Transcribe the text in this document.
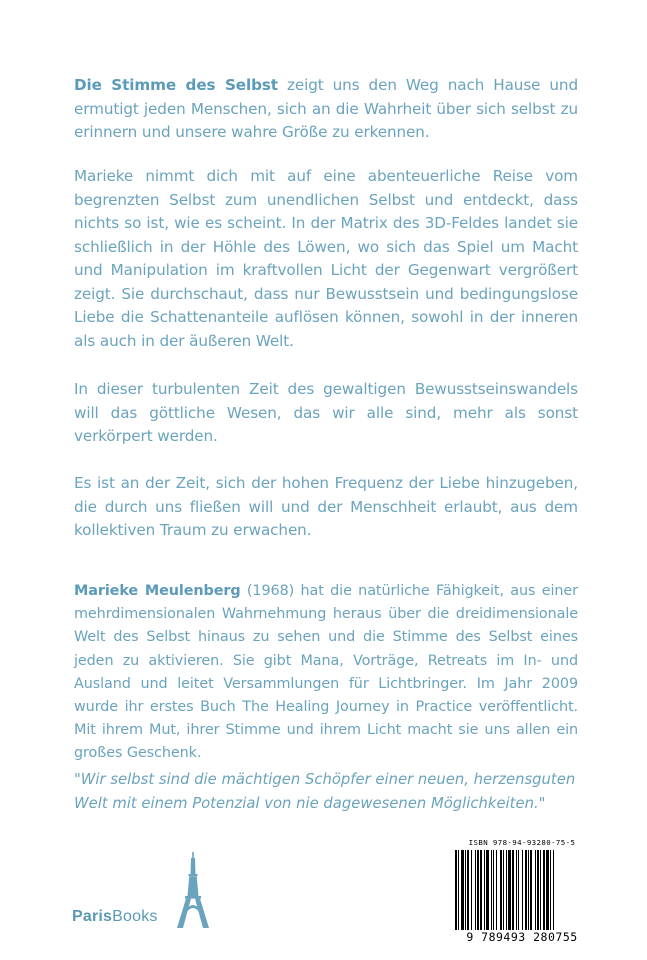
Die Stimme des Selbst zeigt uns den Weg nach Hause und ermutigt jeden Menschen, sich an die Wahrheit über sich selbst zu erinnern und unsere wahre Größe zu erkennen.

Marieke nimmt dich mit auf eine abenteuerliche Reise vom begrenzten Selbst zum unendlichen Selbst und entdeckt, dass nichts so ist, wie es scheint. In der Matrix des 3D-Feldes landet sie schließlich in der Höhle des Löwen, wo sich das Spiel um Macht und Manipulation im kraftvollen Licht der Gegenwart vergrößert zeigt. Sie durchschaut, dass nur Bewusstsein und bedingungslose Liebe die Schattenanteile auflösen können, sowohl in der inneren als auch in der äußeren Welt.

In dieser turbulenten Zeit des gewaltigen Bewusstseinswandels will das göttliche Wesen, das wir alle sind, mehr als sonst verkörpert werden.

Es ist an der Zeit, sich der hohen Frequenz der Liebe hinzugeben, die durch uns fließen will und der Menschheit erlaubt, aus dem kollektiven Traum zu erwachen.

Marieke Meulenberg (1968) hat die natürliche Fähigkeit, aus einer mehrdimensionalen Wahrnehmung heraus über die dreidimensionale Welt des Selbst hinaus zu sehen und die Stimme des Selbst eines jeden zu aktivieren. Sie gibt Mana, Vorträge, Retreats im In- und Ausland und leitet Versammlungen für Lichtbringer. Im Jahr 2009 wurde ihr erstes Buch The Healing Journey in Practice veröffentlicht. Mit ihrem Mut, ihrer Stimme und ihrem Licht macht sie uns allen ein großes Geschenk.

"Wir selbst sind die mächtigen Schöpfer einer neuen, herzensguten Welt mit einem Potenzial von nie dagewesenen Möglichkeiten."

ParisBooks
ISBN 978-94-93280-75-5
9 789493 280755
